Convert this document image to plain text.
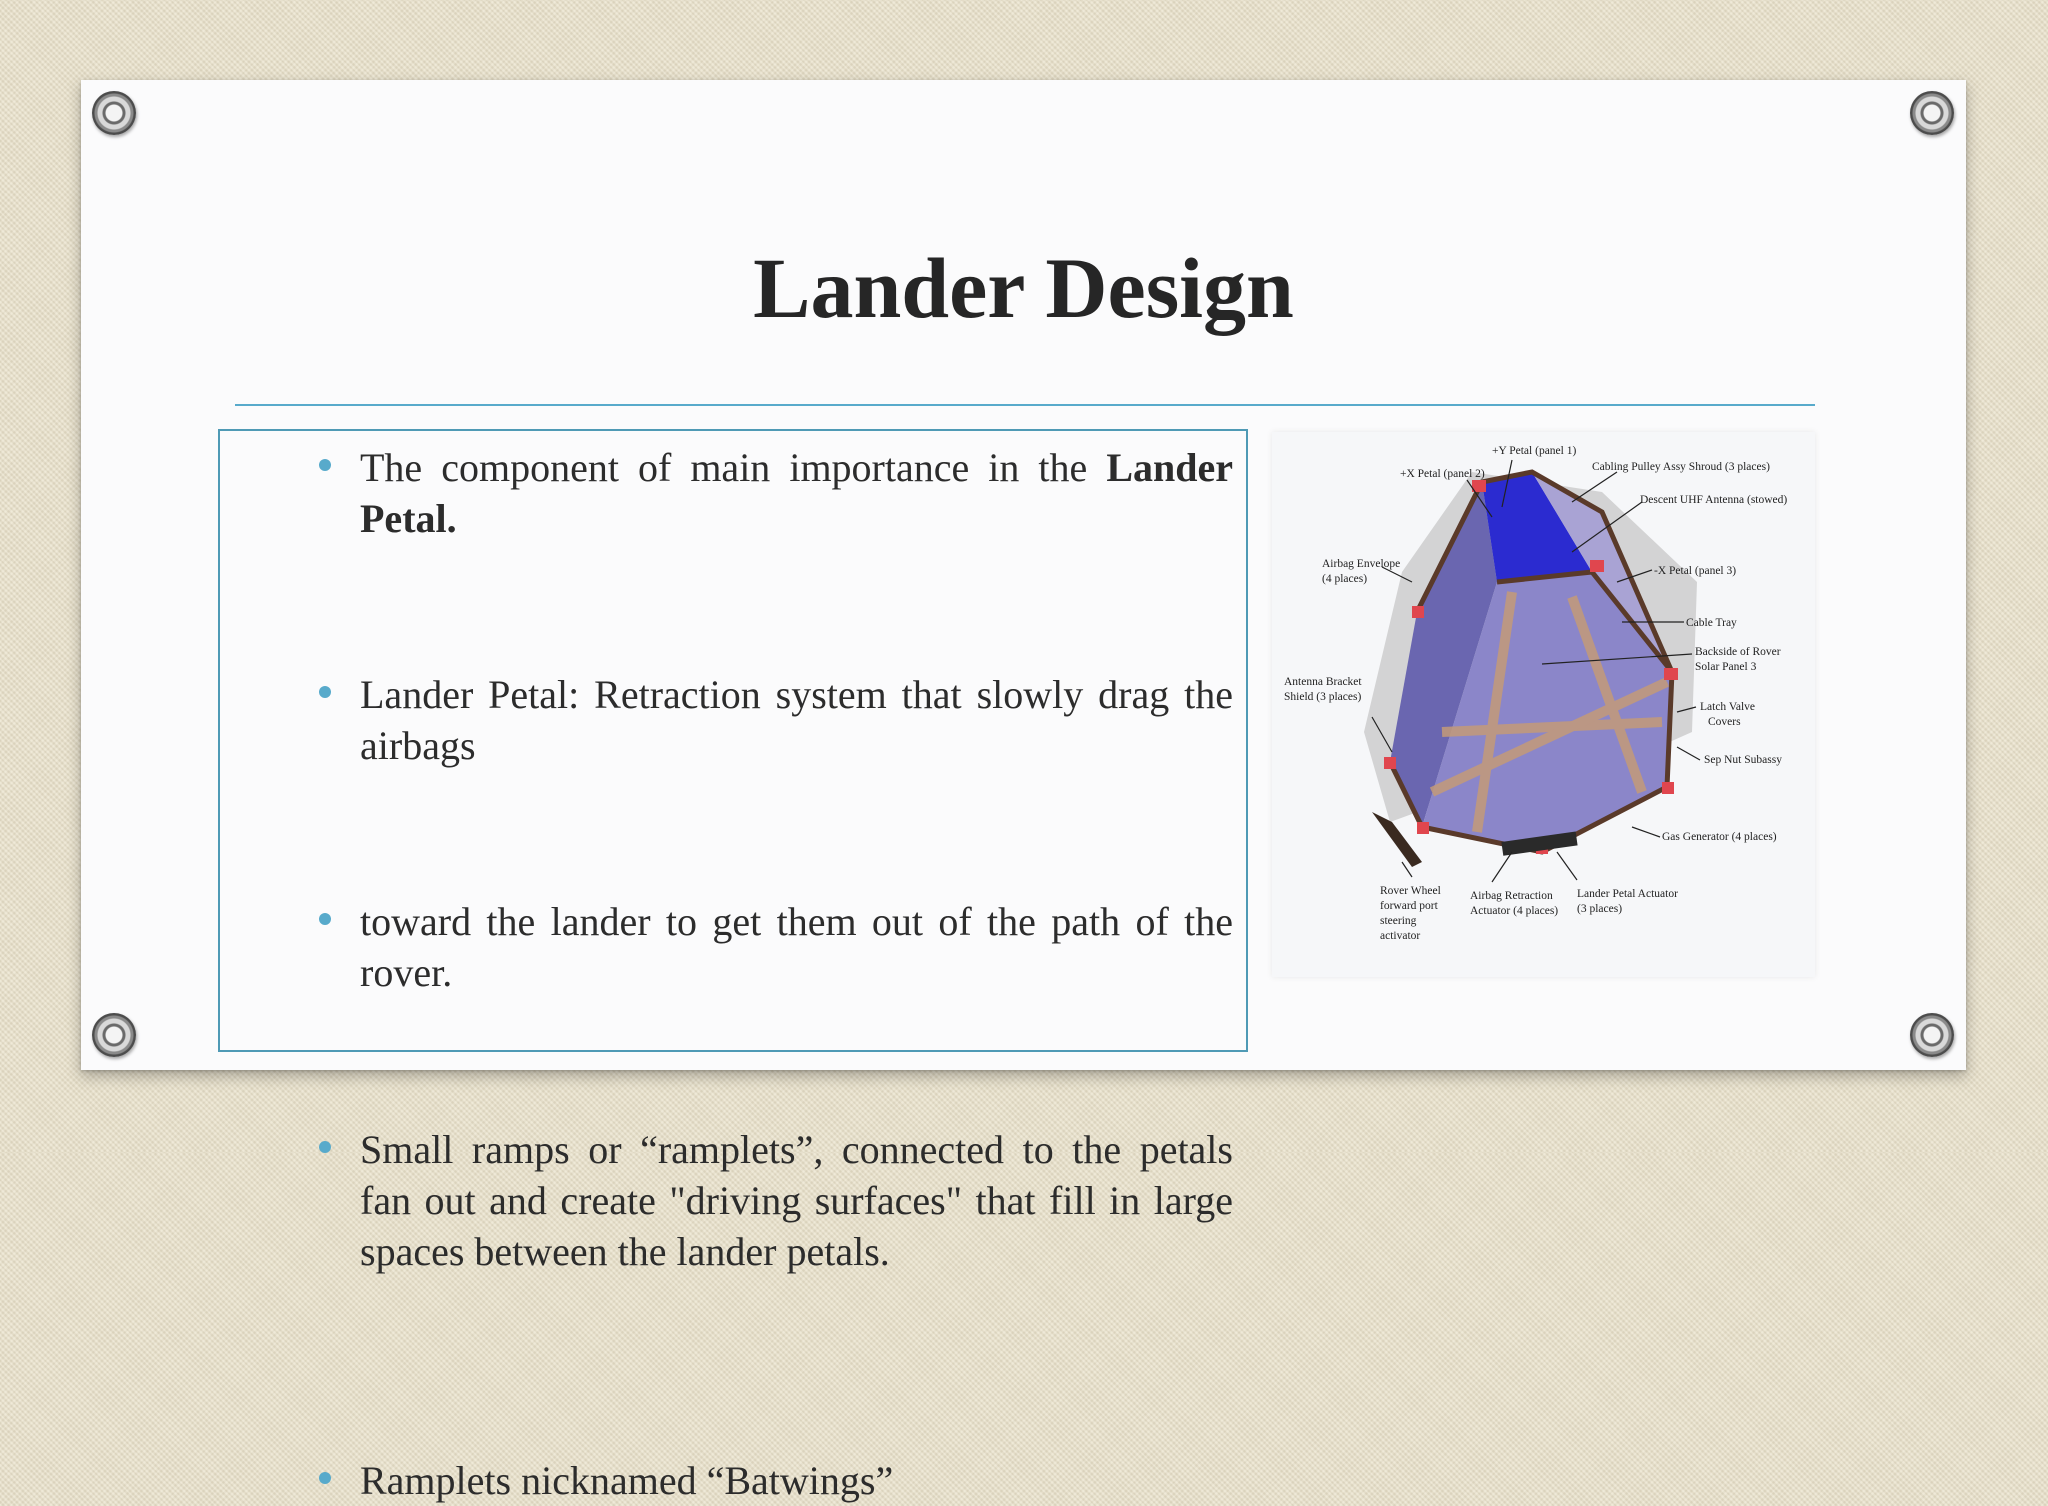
Lander Design
The component of main importance in the Lander Petal.
Lander Petal: Retraction system that slowly drag the airbags
toward the lander to get them out of the path of the rover.
Small ramps or “ramplets”, connected to the petals fan out and create "driving surfaces" that fill in large spaces between the lander petals.
Ramplets nicknamed “Batwings”
+Y Petal (panel 1)
+X Petal (panel 2)
Cabling Pulley Assy Shroud (3 places)
Descent UHF Antenna (stowed)
Airbag Envelope
(4 places)
-X Petal (panel 3)
Cable Tray
Backside of Rover
Solar Panel 3
Antenna Bracket
Shield (3 places)
Latch Valve
Covers
Sep Nut Subassy
Gas Generator (4 places)
Rover Wheel
forward port
steering
activator
Airbag Retraction
Actuator (4 places)
Lander Petal Actuator
(3 places)
